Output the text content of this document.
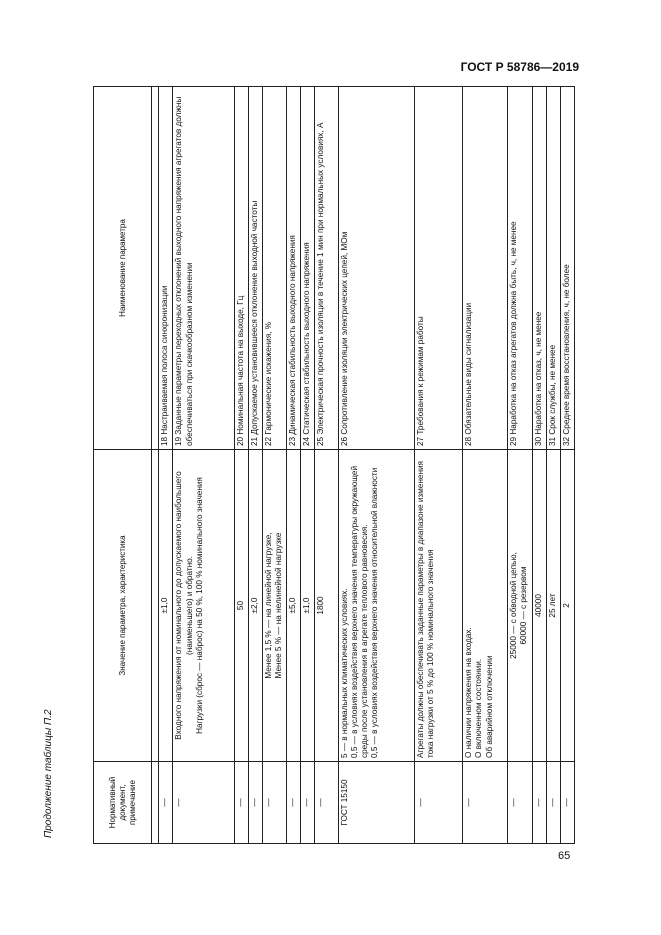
ГОСТ Р 58786—2019
Продолжение таблицы П.2	Нормативный документ, примечание	Значение параметра, характеристика	Наименование параметра

—	±1,0	18 Настраиваемая полоса синхронизации
—	Входного напряжения от номинального до допускаемого наибольшего (наименьшего) и обратно. Нагрузки (сброс — наброс) на 50 %, 100 % номинального значения	19 Заданные параметры переходных отклонений выходного напряжения агрегатов должны обеспечиваться при скачкообразном изменении
—	50	20 Номинальная частота на выходе, Гц
—	±2,0	21 Допускаемое установившееся отклонение выходной частоты
—	Менее 1,5 % — на линейной нагрузке, Менее 5 % — на нелинейной нагрузке	22 Гармонические искажения, %
—	±5,0	23 Динамическая стабильность выходного напряжения
—	±1,0	24 Статическая стабильность выходного напряжения
—	1800	25 Электрическая прочность изоляции в течение 1 мин при нормальных условиях, А
ГОСТ 15150	5 — в нормальных климатических условиях. 0,5 — в условиях воздействия верхнего значения температуры окружающей среды после установления в агрегате теплового равновесия. 0,5 — в условиях воздействия верхнего значения относительной влажности	26 Сопротивление изоляции электрических цепей, МОм
—	Агрегаты должны обеспечивать заданные параметры в диапазоне изменения тока нагрузки от 5 % до 100 % номинального значения	27 Требования к режимам работы
—	О наличии напряжения на входах. О включенном состоянии. Об аварийном отключении	28 Обязательные виды сигнализации
—	25000 — с обводной цепью, 60000 — с резервом	29 Наработка на отказ агрегатов должна быть, ч, не менее
—	40000	30 Наработка на отказ, ч, не менее
—	25 лет	31 Срок службы, не менее
—	2	32 Среднее время восстановления, ч, не более
65
